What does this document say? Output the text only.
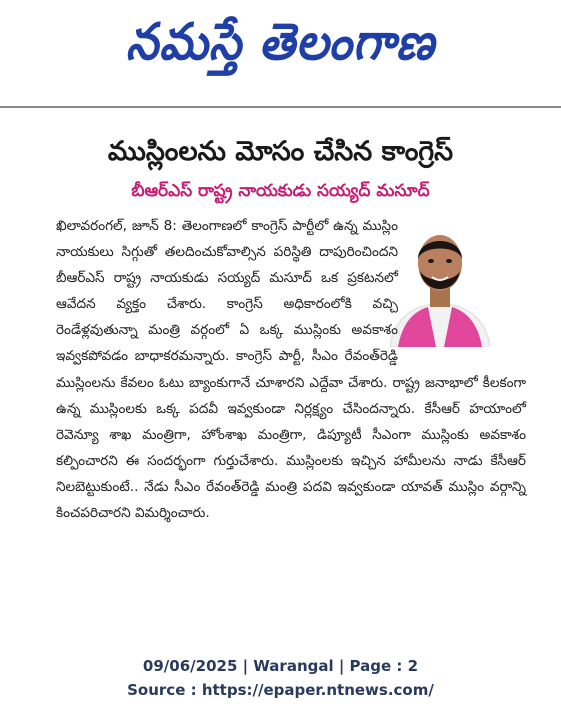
నమస్తే తెలంగాణ
ముస్లింలను మోసం చేసిన కాంగ్రెస్
బీఆర్ఎస్ రాష్ట్ర నాయకుడు సయ్యద్ మసూద్

ఖిలావరంగల్, జూన్ 8: తెలంగాణలో కాంగ్రెస్ పార్టీలో ఉన్న ముస్లిం నాయకులు సిగ్గుతో తలదించుకోవాల్సిన పరిస్థితి దాపురించిందని బీఆర్ఎస్ రాష్ట్ర నాయకుడు సయ్యద్ మసూద్ ఒక ప్రకటనలో ఆవేదన వ్యక్తం చేశారు. కాంగ్రెస్ అధికారంలోకి వచ్చి రెండేళ్లవుతున్నా మంత్రి వర్గంలో ఏ ఒక్క ముస్లింకు అవకాశం ఇవ్వకపోవడం బాధాకరమన్నారు. కాంగ్రెస్ పార్టీ, సీఎం రేవంత్‌రెడ్డి ముస్లింలను కేవలం ఓటు బ్యాంకుగానే చూశారని ఎద్దేవా చేశారు. రాష్ట్ర జనాభాలో కీలకంగా ఉన్న ముస్లింలకు ఒక్క పదవీ ఇవ్వకుండా నిర్లక్ష్యం చేసిందన్నారు. కేసీఆర్ హయాంలో రెవెన్యూ శాఖ మంత్రిగా, హోంశాఖ మంత్రిగా, డిప్యూటీ సీఎంగా ముస్లింకు అవకాశం కల్పించారని ఈ సందర్భంగా గుర్తుచేశారు. ముస్లింలకు ఇచ్చిన హామీలను నాడు కేసీఆర్ నిలబెట్టుకుంటే.. నేడు సీఎం రేవంత్‌రెడ్డి మంత్రి పదవి ఇవ్వకుండా యావత్ ముస్లిం వర్గాన్ని కించపరిచారని విమర్శించారు.

09/06/2025 | Warangal | Page : 2
Source : https://epaper.ntnews.com/
